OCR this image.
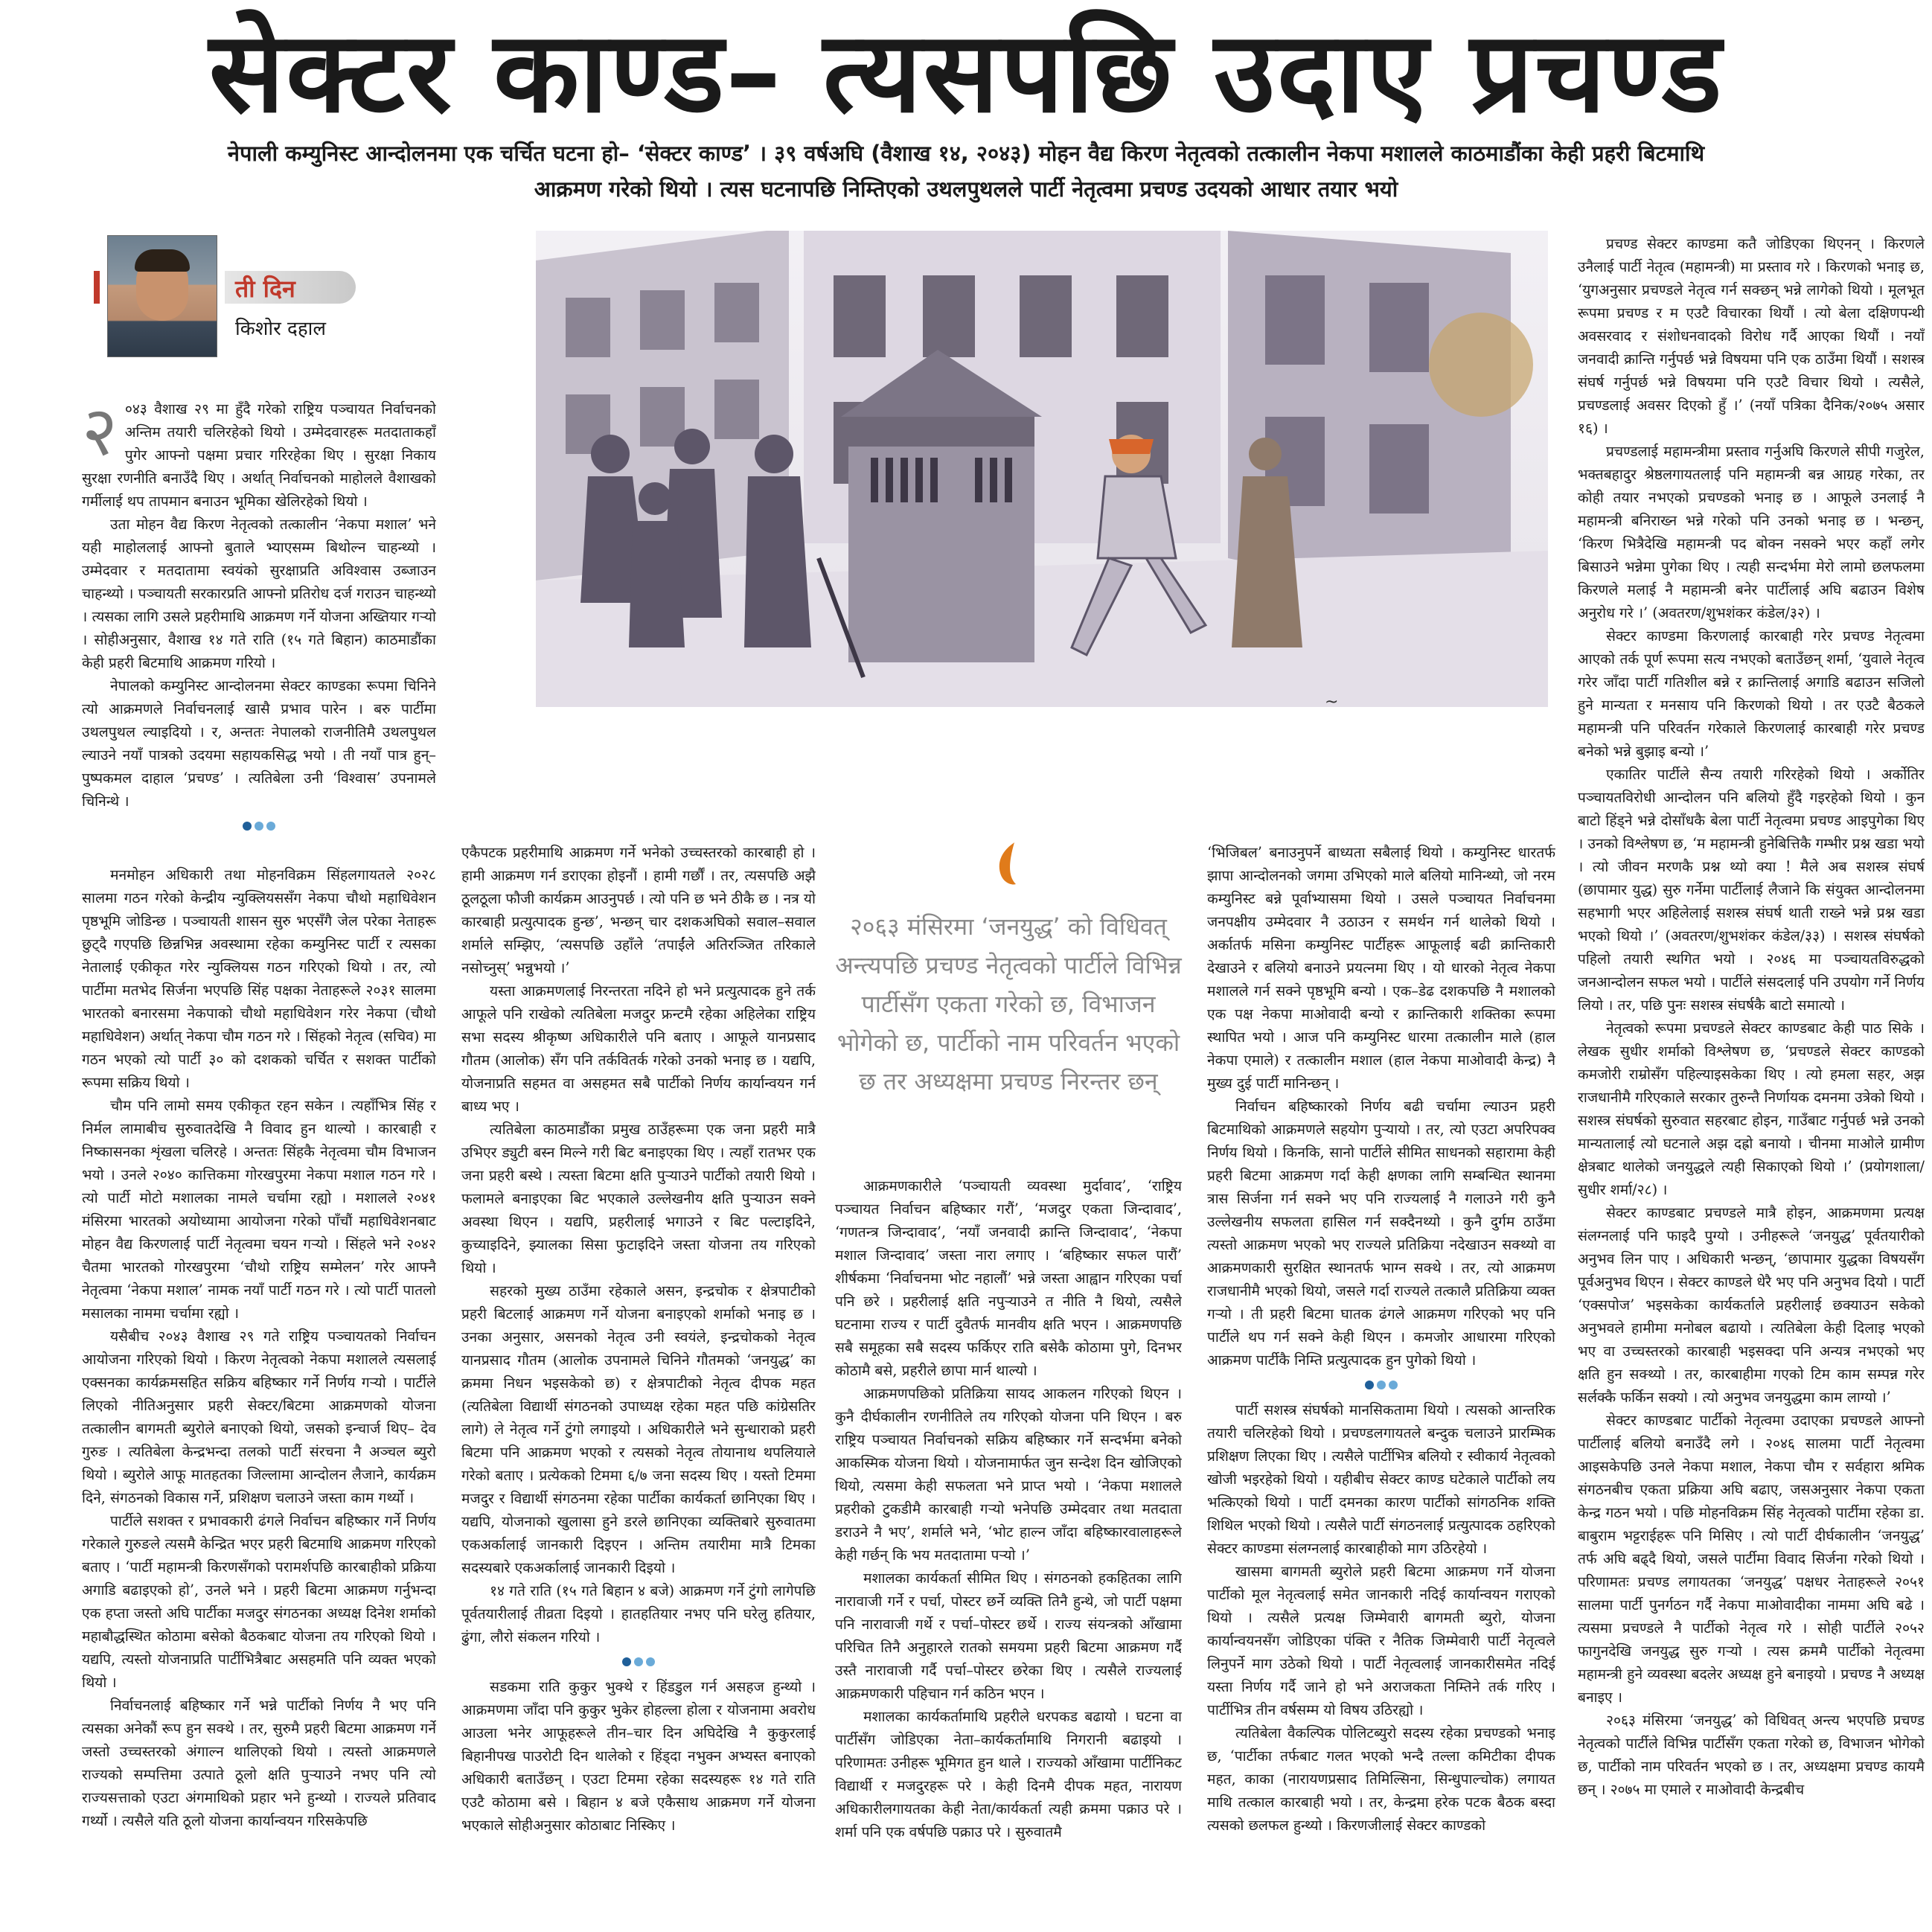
सेक्टर काण्ड– त्यसपछि उदाए प्रचण्ड
नेपाली कम्युनिस्ट आन्दोलनमा एक चर्चित घटना हो– ‘सेक्टर काण्ड’ । ३९ वर्षअघि (वैशाख १४, २०४३) मोहन वैद्य किरण नेतृत्वको तत्कालीन नेकपा मशालले काठमाडौंका केही प्रहरी बिटमाथि आक्रमण गरेको थियो । त्यस घटनापछि निम्तिएको उथलपुथलले पार्टी नेतृत्वमा प्रचण्ड उदयको आधार तयार भयो
ती दिन
किशोर दहाल
२ ०४३ वैशाख २९ मा हुँदै गरेको राष्ट्रिय पञ्चायत निर्वाचनको अन्तिम तयारी चलिरहेको थियो । उम्मेदवारहरू मतदाताकहाँ पुगेर आफ्नो पक्षमा प्रचार गरिरहेका थिए । सुरक्षा निकाय सुरक्षा रणनीति बनाउँदै थिए । अर्थात् निर्वाचनको माहोलले वैशाखको गर्मीलाई थप तापमान बनाउन भूमिका खेलिरहेको थियो ।

उता मोहन वैद्य किरण नेतृत्वको तत्कालीन ‘नेकपा मशाल’ भने यही माहोललाई आफ्नो बुताले भ्याएसम्म बिथोल्न चाहन्थ्यो । उम्मेदवार र मतदातामा स्वयंको सुरक्षाप्रति अविश्वास उब्जाउन चाहन्थ्यो । पञ्चायती सरकारप्रति आफ्नो प्रतिरोध दर्ज गराउन चाहन्थ्यो । त्यसका लागि उसले प्रहरीमाथि आक्रमण गर्ने योजना अख्तियार गर्‍यो । सोहीअनुसार, वैशाख १४ गते राति (१५ गते बिहान) काठमाडौंका केही प्रहरी बिटमाथि आक्रमण गरियो ।

नेपालको कम्युनिस्ट आन्दोलनमा सेक्टर काण्डका रूपमा चिनिने त्यो आक्रमणले निर्वाचनलाई खासै प्रभाव पारेन । बरु पार्टीमा उथलपुथल ल्याइदियो । र, अन्ततः नेपालको राजनीतिमै उथलपुथल ल्याउने नयाँ पात्रको उदयमा सहायकसिद्ध भयो । ती नयाँ पात्र हुन्– पुष्पकमल दाहाल ‘प्रचण्ड’ । त्यतिबेला उनी ‘विश्वास’ उपनामले चिनिन्थे ।

मनमोहन अधिकारी तथा मोहनविक्रम सिंहलगायतले २०२८ सालमा गठन गरेको केन्द्रीय न्युक्लियससँग नेकपा चौथो महाधिवेशन पृष्ठभूमि जोडिन्छ । पञ्चायती शासन सुरु भएसँगै जेल परेका नेताहरू छुट्दै गएपछि छिन्नभिन्न अवस्थामा रहेका कम्युनिस्ट पार्टी र त्यसका नेतालाई एकीकृत गरेर न्युक्लियस गठन गरिएको थियो । तर, त्यो पार्टीमा मतभेद सिर्जना भएपछि सिंह पक्षका नेताहरूले २०३१ सालमा भारतको बनारसमा नेकपाको चौथो महाधिवेशन गरेर नेकपा (चौथो महाधिवेशन) अर्थात् नेकपा चौम गठन गरे । सिंहको नेतृत्व (सचिव) मा गठन भएको त्यो पार्टी ३० को दशकको चर्चित र सशक्त पार्टीको रूपमा सक्रिय थियो ।

चौम पनि लामो समय एकीकृत रहन सकेन । त्यहाँभित्र सिंह र निर्मल लामाबीच सुरुवातदेखि नै विवाद हुन थाल्यो । कारबाही र निष्कासनका शृंखला चलिरहे । अन्ततः सिंहकै नेतृत्वमा चौम विभाजन भयो । उनले २०४० कात्तिकमा गोरखपुरमा नेकपा मशाल गठन गरे । त्यो पार्टी मोटो मशालका नामले चर्चामा रह्यो । मशालले २०४१ मंसिरमा भारतको अयोध्यामा आयोजना गरेको पाँचौं महाधिवेशनबाट मोहन वैद्य किरणलाई पार्टी नेतृत्वमा चयन गर्‍यो । सिंहले भने २०४२ चैतमा भारतको गोरखपुरमा ‘चौथो राष्ट्रिय सम्मेलन’ गरेर आफ्नै नेतृत्वमा ‘नेकपा मशाल’ नामक नयाँ पार्टी गठन गरे । त्यो पार्टी पातलो मसालका नाममा चर्चामा रह्यो ।

यसैबीच २०४३ वैशाख २९ गते राष्ट्रिय पञ्चायतको निर्वाचन आयोजना गरिएको थियो । किरण नेतृत्वको नेकपा मशालले त्यसलाई एक्सनका कार्यक्रमसहित सक्रिय बहिष्कार गर्ने निर्णय गर्‍यो । पार्टीले लिएको नीतिअनुसार प्रहरी सेक्टर/बिटमा आक्रमणको योजना तत्कालीन बागमती ब्युरोले बनाएको थियो, जसको इन्चार्ज थिए– देव गुरुङ । त्यतिबेला केन्द्रभन्दा तलको पार्टी संरचना नै अञ्चल ब्युरो थियो । ब्युरोले आफू मातहतका जिल्लामा आन्दोलन लैजाने, कार्यक्रम दिने, संगठनको विकास गर्ने, प्रशिक्षण चलाउने जस्ता काम गर्थ्यो ।

पार्टीले सशक्त र प्रभावकारी ढंगले निर्वाचन बहिष्कार गर्ने निर्णय गरेकाले गुरुङले त्यसमै केन्द्रित भएर प्रहरी बिटमाथि आक्रमण गरिएको बताए । ‘पार्टी महामन्त्री किरणसँगको परामर्शपछि कारबाहीको प्रक्रिया अगाडि बढाइएको हो’, उनले भने । प्रहरी बिटमा आक्रमण गर्नुभन्दा एक हप्ता जस्तो अघि पार्टीका मजदुर संगठनका अध्यक्ष दिनेश शर्माको महाबौद्धस्थित कोठामा बसेको बैठकबाट योजना तय गरिएको थियो । यद्यपि, त्यस्तो योजनाप्रति पार्टीभित्रैबाट असहमति पनि व्यक्त भएको थियो ।

निर्वाचनलाई बहिष्कार गर्ने भन्ने पार्टीको निर्णय नै भए पनि त्यसका अनेकौं रूप हुन सक्थे । तर, सुरुमै प्रहरी बिटमा आक्रमण गर्ने जस्तो उच्चस्तरको अंगाल्न थालिएको थियो । त्यस्तो आक्रमणले राज्यको सम्पत्तिमा उत्पाते ठूलो क्षति पुऱ्याउने नभए पनि त्यो राज्यसत्ताको एउटा अंगमाथिको प्रहार भने हुन्थ्यो । राज्यले प्रतिवाद गर्थ्यो । त्यसैले यति ठूलो योजना कार्यान्वयन गरिसकेपछि

~

एकैपटक प्रहरीमाथि आक्रमण गर्ने भनेको उच्चस्तरको कारबाही हो । हामी आक्रमण गर्न डराएका होइनौं । हामी गर्छौं । तर, त्यसपछि अझै ठूलठूला फौजी कार्यक्रम आउनुपर्छ । त्यो पनि छ भने ठीकै छ । नत्र यो कारबाही प्रत्युत्पादक हुन्छ’, भन्छन् चार दशकअघिको सवाल–सवाल शर्माले सम्झिए, ‘त्यसपछि उहाँले ‘तपाईंले अतिरञ्जित तरिकाले नसोच्नुस्’ भन्नुभयो ।’

यस्ता आक्रमणलाई निरन्तरता नदिने हो भने प्रत्युत्पादक हुने तर्क आफूले पनि राखेको त्यतिबेला मजदुर फ्रन्टमै रहेका अहिलेका राष्ट्रिय सभा सदस्य श्रीकृष्ण अधिकारीले पनि बताए । आफूले यानप्रसाद गौतम (आलोक) सँग पनि तर्कवितर्क गरेको उनको भनाइ छ । यद्यपि, योजनाप्रति सहमत वा असहमत सबै पार्टीको निर्णय कार्यान्वयन गर्न बाध्य भए ।

त्यतिबेला काठमाडौंका प्रमुख ठाउँहरूमा एक जना प्रहरी मात्रै उभिएर ड्युटी बस्न मिल्ने गरी बिट बनाइएका थिए । त्यहाँ रातभर एक जना प्रहरी बस्थे । त्यस्ता बिटमा क्षति पुऱ्याउने पार्टीको तयारी थियो । फलामले बनाइएका बिट भएकाले उल्लेखनीय क्षति पुऱ्याउन सक्ने अवस्था थिएन । यद्यपि, प्रहरीलाई भगाउने र बिट पल्टाइदिने, कुच्याइदिने, झ्यालका सिसा फुटाइदिने जस्ता योजना तय गरिएको थियो ।

सहरको मुख्य ठाउँमा रहेकाले असन, इन्द्रचोक र क्षेत्रपाटीको प्रहरी बिटलाई आक्रमण गर्ने योजना बनाइएको शर्माको भनाइ छ । उनका अनुसार, असनको नेतृत्व उनी स्वयंले, इन्द्रचोकको नेतृत्व यानप्रसाद गौतम (आलोक उपनामले चिनिने गौतमको ‘जनयुद्ध’ का क्रममा निधन भइसकेको छ) र क्षेत्रपाटीको नेतृत्व दीपक महत (त्यतिबेला विद्यार्थी संगठनको उपाध्यक्ष रहेका महत पछि कांग्रेसतिर लागे) ले नेतृत्व गर्ने टुंगो लगाइयो । अधिकारीले भने सुन्धाराको प्रहरी बिटमा पनि आक्रमण भएको र त्यसको नेतृत्व तोयानाथ थपलियाले गरेको बताए । प्रत्येकको टिममा ६/७ जना सदस्य थिए । यस्तो टिममा मजदुर र विद्यार्थी संगठनमा रहेका पार्टीका कार्यकर्ता छानिएका थिए । यद्यपि, योजनाको खुलासा हुने डरले छानिएका व्यक्तिबारे सुरुवातमा एकअर्कालाई जानकारी दिइएन । अन्तिम तयारीमा मात्रै टिमका सदस्यबारे एकअर्कालाई जानकारी दिइयो ।

१४ गते राति (१५ गते बिहान ४ बजे) आक्रमण गर्ने टुंगो लागेपछि पूर्वतयारीलाई तीव्रता दिइयो । हातहतियार नभए पनि घरेलु हतियार, ढुंगा, लौरो संकलन गरियो ।

सडकमा राति कुकुर भुक्थे र हिंडडुल गर्न असहज हुन्थ्यो । आक्रमणमा जाँदा पनि कुकुर भुकेर होहल्ला होला र योजनामा अवरोध आउला भनेर आफूहरूले तीन–चार दिन अघिदेखि नै कुकुरलाई बिहानीपख पाउरोटी दिन थालेको र हिंड्दा नभुक्न अभ्यस्त बनाएको अधिकारी बताउँछन् । एउटा टिममा रहेका सदस्यहरू १४ गते राति एउटै कोठामा बसे । बिहान ४ बजे एकैसाथ आक्रमण गर्ने योजना भएकाले सोहीअनुसार कोठाबाट निस्किए ।

२०६३ मंसिरमा ‘जनयुद्ध’ को विधिवत् अन्त्यपछि प्रचण्ड नेतृत्वको पार्टीले विभिन्न पार्टीसँग एकता गरेको छ, विभाजन भोगेको छ, पार्टीको नाम परिवर्तन भएको छ तर अध्यक्षमा प्रचण्ड निरन्तर छन्

आक्रमणकारीले ‘पञ्चायती व्यवस्था मुर्दावाद’, ‘राष्ट्रिय पञ्चायत निर्वाचन बहिष्कार गरौं’, ‘मजदुर एकता जिन्दावाद’, ‘गणतन्त्र जिन्दावाद’, ‘नयाँ जनवादी क्रान्ति जिन्दावाद’, ‘नेकपा मशाल जिन्दावाद’ जस्ता नारा लगाए । ‘बहिष्कार सफल पारौं’ शीर्षकमा ‘निर्वाचनमा भोट नहालौं’ भन्ने जस्ता आह्वान गरिएका पर्चा पनि छरे । प्रहरीलाई क्षति नपुऱ्याउने त नीति नै थियो, त्यसैले घटनामा राज्य र पार्टी दुवैतर्फ मानवीय क्षति भएन । आक्रमणपछि सबै समूहका सबै सदस्य फर्किएर राति बसेकै कोठामा पुगे, दिनभर कोठामै बसे, प्रहरीले छापा मार्न थाल्यो ।

आक्रमणपछिको प्रतिक्रिया सायद आकलन गरिएको थिएन । कुनै दीर्घकालीन रणनीतिले तय गरिएको योजना पनि थिएन । बरु राष्ट्रिय पञ्चायत निर्वाचनको सक्रिय बहिष्कार गर्ने सन्दर्भमा बनेको आकस्मिक योजना थियो । योजनामार्फत जुन सन्देश दिन खोजिएको थियो, त्यसमा केही सफलता भने प्राप्त भयो । ‘नेकपा मशालले प्रहरीको टुकडीमै कारबाही गर्‍यो भनेपछि उम्मेदवार तथा मतदाता डराउने नै भए’, शर्माले भने, ‘भोट हाल्न जाँदा बहिष्कारवालाहरूले केही गर्छन् कि भय मतदातामा पऱ्यो ।’

मशालका कार्यकर्ता सीमित थिए । संगठनको हकहितका लागि नारावाजी गर्ने र पर्चा, पोस्टर छर्ने व्यक्ति तिनै हुन्थे, जो पार्टी पक्षमा पनि नारावाजी गर्थे र पर्चा–पोस्टर छर्थे । राज्य संयन्त्रको आँखामा परिचित तिनै अनुहारले रातको समयमा प्रहरी बिटमा आक्रमण गर्दै उस्तै नारावाजी गर्दै पर्चा–पोस्टर छरेका थिए । त्यसैले राज्यलाई आक्रमणकारी पहिचान गर्न कठिन भएन ।

मशालका कार्यकर्तामाथि प्रहरीले धरपकड बढायो । घटना वा पार्टीसँग जोडिएका नेता–कार्यकर्तामाथि निगरानी बढाइयो । परिणामतः उनीहरू भूमिगत हुन थाले । राज्यको आँखामा पार्टीनिकट विद्यार्थी र मजदुरहरू परे । केही दिनमै दीपक महत, नारायण अधिकारीलगायतका केही नेता/कार्यकर्ता त्यही क्रममा पक्राउ परे । शर्मा पनि एक वर्षपछि पक्राउ परे । सुरुवातमै

‘भिजिबल’ बनाउनुपर्ने बाध्यता सबैलाई थियो । कम्युनिस्ट धारतर्फ झापा आन्दोलनको जगमा उभिएको माले बलियो मानिन्थ्यो, जो नरम कम्युनिस्ट बन्ने पूर्वाभ्यासमा थियो । उसले पञ्चायत निर्वाचनमा जनपक्षीय उम्मेदवार नै उठाउन र समर्थन गर्न थालेको थियो । अर्कातर्फ मसिना कम्युनिस्ट पार्टीहरू आफूलाई बढी क्रान्तिकारी देखाउने र बलियो बनाउने प्रयत्नमा थिए । यो धारको नेतृत्व नेकपा मशालले गर्न सक्ने पृष्ठभूमि बन्यो । एक–डेढ दशकपछि नै मशालको एक पक्ष नेकपा माओवादी बन्यो र क्रान्तिकारी शक्तिका रूपमा स्थापित भयो । आज पनि कम्युनिस्ट धारमा तत्कालीन माले (हाल नेकपा एमाले) र तत्कालीन मशाल (हाल नेकपा माओवादी केन्द्र) नै मुख्य दुई पार्टी मानिन्छन् ।

निर्वाचन बहिष्कारको निर्णय बढी चर्चामा ल्याउन प्रहरी बिटमाथिको आक्रमणले सहयोग पुऱ्यायो । तर, त्यो एउटा अपरिपक्व निर्णय थियो । किनकि, सानो पार्टीले सीमित साधनको सहारामा केही प्रहरी बिटमा आक्रमण गर्दा केही क्षणका लागि सम्बन्धित स्थानमा त्रास सिर्जना गर्न सक्ने भए पनि राज्यलाई नै गलाउने गरी कुनै उल्लेखनीय सफलता हासिल गर्न सक्दैनथ्यो । कुनै दुर्गम ठाउँमा त्यस्तो आक्रमण भएको भए राज्यले प्रतिक्रिया नदेखाउन सक्थ्यो वा आक्रमणकारी सुरक्षित स्थानतर्फ भाग्न सक्थे । तर, त्यो आक्रमण राजधानीमै भएको थियो, जसले गर्दा राज्यले तत्कालै प्रतिक्रिया व्यक्त गर्‍यो । ती प्रहरी बिटमा घातक ढंगले आक्रमण गरिएको भए पनि पार्टीले थप गर्न सक्ने केही थिएन । कमजोर आधारमा गरिएको आक्रमण पार्टीकै निम्ति प्रत्युत्पादक हुन पुगेको थियो ।

पार्टी सशस्त्र संघर्षको मानसिकतामा थियो । त्यसको आन्तरिक तयारी चलिरहेको थियो । प्रचण्डलगायतले बन्दुक चलाउने प्रारम्भिक प्रशिक्षण लिएका थिए । त्यसैले पार्टीभित्र बलियो र स्वीकार्य नेतृत्वको खोजी भइरहेको थियो । यहीबीच सेक्टर काण्ड घटेकाले पार्टीको लय भत्किएको थियो । पार्टी दमनका कारण पार्टीको सांगठनिक शक्ति शिथिल भएको थियो । त्यसैले पार्टी संगठनलाई प्रत्युत्पादक ठहरिएको सेक्टर काण्डमा संलग्नलाई कारबाहीको माग उठिरहेयो ।

खासमा बागमती ब्युरोले प्रहरी बिटमा आक्रमण गर्ने योजना पार्टीको मूल नेतृत्वलाई समेत जानकारी नदिई कार्यान्वयन गराएको थियो । त्यसैले प्रत्यक्ष जिम्मेवारी बागमती ब्युरो, योजना कार्यान्वयनसँग जोडिएका पंक्ति र नैतिक जिम्मेवारी पार्टी नेतृत्वले लिनुपर्ने माग उठेको थियो । पार्टी नेतृत्वलाई जानकारीसमेत नदिई यस्ता निर्णय गर्दै जाने हो भने अराजकता निम्तिने तर्क गरिए । पार्टीभित्र तीन वर्षसम्म यो विषय उठिरह्यो ।

त्यतिबेला वैकल्पिक पोलिटब्युरो सदस्य रहेका प्रचण्डको भनाइ छ, ‘पार्टीका तर्फबाट गलत भएको भन्दै तल्ला कमिटीका दीपक महत, काका (नारायणप्रसाद तिमिल्सिना, सिन्धुपाल्चोक) लगायत माथि तत्काल कारबाही भयो । तर, केन्द्रमा हरेक पटक बैठक बस्दा त्यसको छलफल हुन्थ्यो । किरणजीलाई सेक्टर काण्डको

प्रचण्ड सेक्टर काण्डमा कतै जोडिएका थिएनन् । किरणले उनैलाई पार्टी नेतृत्व (महामन्त्री) मा प्रस्ताव गरे । किरणको भनाइ छ, ‘युगअनुसार प्रचण्डले नेतृत्व गर्न सक्छन् भन्ने लागेको थियो । मूलभूत रूपमा प्रचण्ड र म एउटै विचारका थियौं । त्यो बेला दक्षिणपन्थी अवसरवाद र संशोधनवादको विरोध गर्दै आएका थियौं । नयाँ जनवादी क्रान्ति गर्नुपर्छ भन्ने विषयमा पनि एक ठाउँमा थियौं । सशस्त्र संघर्ष गर्नुपर्छ भन्ने विषयमा पनि एउटै विचार थियो । त्यसैले, प्रचण्डलाई अवसर दिएको हुँ ।’ (नयाँ पत्रिका दैनिक/२०७५ असार १६) ।

प्रचण्डलाई महामन्त्रीमा प्रस्ताव गर्नुअघि किरणले सीपी गजुरेल, भक्तबहादुर श्रेष्ठलगायतलाई पनि महामन्त्री बन्न आग्रह गरेका, तर कोही तयार नभएको प्रचण्डको भनाइ छ । आफूले उनलाई नै महामन्त्री बनिराख्न भन्ने गरेको पनि उनको भनाइ छ । भन्छन्, ‘किरण भित्रैदेखि महामन्त्री पद बोक्न नसक्ने भएर कहाँ लगेर बिसाउने भन्नेमा पुगेका थिए । त्यही सन्दर्भमा मेरो लामो छलफलमा किरणले मलाई नै महामन्त्री बनेर पार्टीलाई अघि बढाउन विशेष अनुरोध गरे ।’ (अवतरण/शुभशंकर कंडेल/३२) ।

सेक्टर काण्डमा किरणलाई कारबाही गरेर प्रचण्ड नेतृत्वमा आएको तर्क पूर्ण रूपमा सत्य नभएको बताउँछन् शर्मा, ‘युवाले नेतृत्व गरेर जाँदा पार्टी गतिशील बन्ने र क्रान्तिलाई अगाडि बढाउन सजिलो हुने मान्यता र मनसाय पनि किरणको थियो । तर एउटै बैठकले महामन्त्री पनि परिवर्तन गरेकाले किरणलाई कारबाही गरेर प्रचण्ड बनेको भन्ने बुझाइ बन्यो ।’

एकातिर पार्टीले सैन्य तयारी गरिरहेको थियो । अर्कोतिर पञ्चायतविरोधी आन्दोलन पनि बलियो हुँदै गइरहेको थियो । कुन बाटो हिंड्ने भन्ने दोसाँधकै बेला पार्टी नेतृत्वमा प्रचण्ड आइपुगेका थिए । उनको विश्लेषण छ, ‘म महामन्त्री हुनेबित्तिकै गम्भीर प्रश्न खडा भयो । त्यो जीवन मरणकै प्रश्न थ्यो क्या ! मैले अब सशस्त्र संघर्ष (छापामार युद्ध) सुरु गर्नेमा पार्टीलाई लैजाने कि संयुक्त आन्दोलनमा सहभागी भएर अहिलेलाई सशस्त्र संघर्ष थाती राख्ने भन्ने प्रश्न खडा भएको थियो ।’ (अवतरण/शुभशंकर कंडेल/३३) । सशस्त्र संघर्षको पहिलो तयारी स्थगित भयो । २०४६ मा पञ्चायतविरुद्धको जनआन्दोलन सफल भयो । पार्टीले संसदलाई पनि उपयोग गर्ने निर्णय लियो । तर, पछि पुनः सशस्त्र संघर्षकै बाटो समात्यो ।

नेतृत्वको रूपमा प्रचण्डले सेक्टर काण्डबाट केही पाठ सिके । लेखक सुधीर शर्माको विश्लेषण छ, ‘प्रचण्डले सेक्टर काण्डको कमजोरी राम्रोसँग पहिल्याइसकेका थिए । त्यो हमला सहर, अझ राजधानीमै गरिएकाले सरकार तुरुन्तै निर्णायक दमनमा उत्रेको थियो । सशस्त्र संघर्षको सुरुवात सहरबाट होइन, गाउँबाट गर्नुपर्छ भन्ने उनको मान्यतालाई त्यो घटनाले अझ दह्रो बनायो । चीनमा माओले ग्रामीण क्षेत्रबाट थालेको जनयुद्धले त्यही सिकाएको थियो ।’ (प्रयोगशाला/सुधीर शर्मा/२८) ।

सेक्टर काण्डबाट प्रचण्डले मात्रै होइन, आक्रमणमा प्रत्यक्ष संलग्नलाई पनि फाइदै पुग्यो । उनीहरूले ‘जनयुद्ध’ पूर्वतयारीको अनुभव लिन पाए । अधिकारी भन्छन्, ‘छापामार युद्धका विषयसँग पूर्वअनुभव थिएन । सेक्टर काण्डले धेरै भए पनि अनुभव दियो । पार्टी ‘एक्सपोज’ भइसकेका कार्यकर्ताले प्रहरीलाई छक्याउन सकेको अनुभवले हामीमा मनोबल बढायो । त्यतिबेला केही दिलाइ भएको भए वा उच्चस्तरको कारबाही भइसक्दा पनि अन्यत्र नभएको भए क्षति हुन सक्थ्यो । तर, कारबाहीमा गएको टिम काम सम्पन्न गरेर सर्लक्कै फर्किन सक्यो । त्यो अनुभव जनयुद्धमा काम लाग्यो ।’

सेक्टर काण्डबाट पार्टीको नेतृत्वमा उदाएका प्रचण्डले आफ्नो पार्टीलाई बलियो बनाउँदै लगे । २०४६ सालमा पार्टी नेतृत्वमा आइसकेपछि उनले नेकपा मशाल, नेकपा चौम र सर्वहारा श्रमिक संगठनबीच एकता प्रक्रिया अघि बढाए, जसअनुसार नेकपा एकता केन्द्र गठन भयो । पछि मोहनविक्रम सिंह नेतृत्वको पार्टीमा रहेका डा. बाबुराम भट्टराईहरू पनि मिसिए । त्यो पार्टी दीर्घकालीन ‘जनयुद्ध’ तर्फ अघि बढ्दै थियो, जसले पार्टीमा विवाद सिर्जना गरेको थियो । परिणामतः प्रचण्ड लगायतका ‘जनयुद्ध’ पक्षधर नेताहरूले २०५१ सालमा पार्टी पुनर्गठन गर्दै नेकपा माओवादीका नाममा अघि बढे । त्यसमा प्रचण्डले नै पार्टीको नेतृत्व गरे । सोही पार्टीले २०५२ फागुनदेखि जनयुद्ध सुरु गर्‍यो । त्यस क्रममै पार्टीको नेतृत्वमा महामन्त्री हुने व्यवस्था बदलेर अध्यक्ष हुने बनाइयो । प्रचण्ड नै अध्यक्ष बनाइए ।

२०६३ मंसिरमा ‘जनयुद्ध’ को विधिवत् अन्त्य भएपछि प्रचण्ड नेतृत्वको पार्टीले विभिन्न पार्टीसँग एकता गरेको छ, विभाजन भोगेको छ, पार्टीको नाम परिवर्तन भएको छ । तर, अध्यक्षमा प्रचण्ड कायमै छन् । २०७५ मा एमाले र माओवादी केन्द्रबीच
